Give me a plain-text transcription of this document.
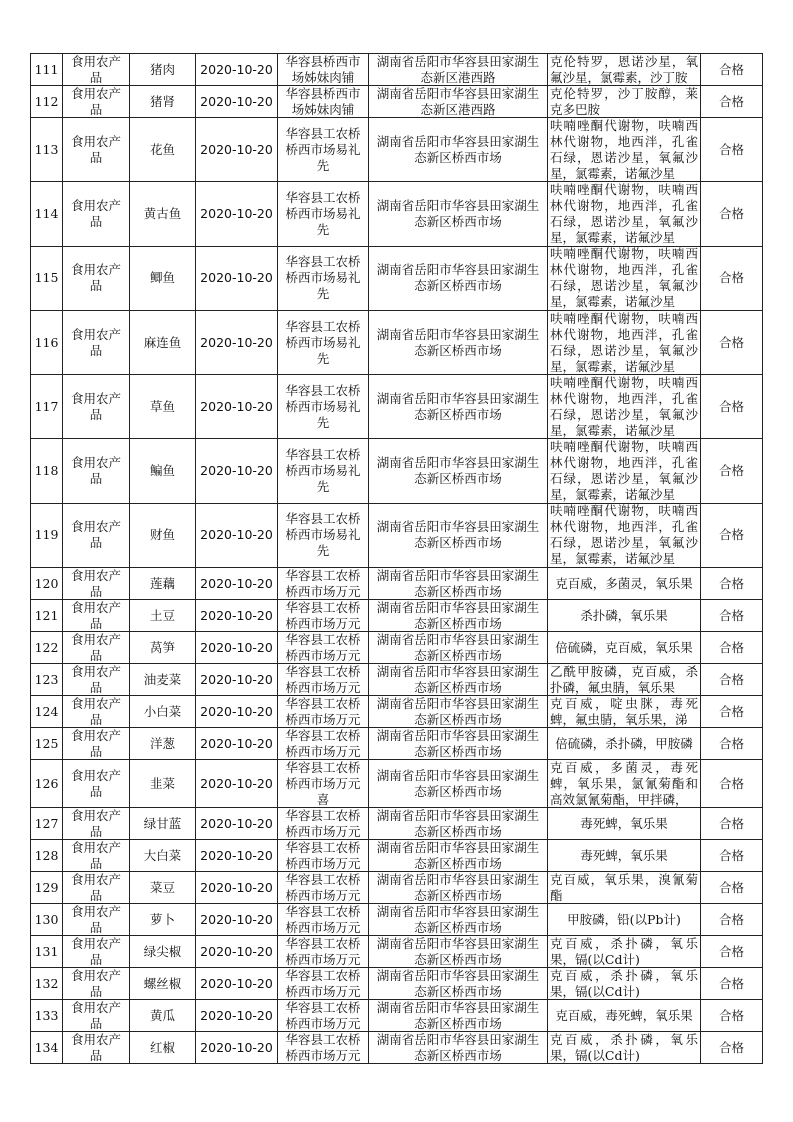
111	食用农产品	猪肉	2020-10-20	华容县桥西市场姊妹肉铺	湖南省岳阳市华容县田家湖生态新区港西路	克伦特罗，恩诺沙星，氧氟沙星，氯霉素，沙丁胺	合格

112	食用农产品	猪肾	2020-10-20	华容县桥西市场姊妹肉铺	湖南省岳阳市华容县田家湖生态新区港西路	克伦特罗，沙丁胺醇，莱克多巴胺	合格

113	食用农产品	花鱼	2020-10-20	华容县工农桥桥西市场易礼先	湖南省岳阳市华容县田家湖生态新区桥西市场	呋喃唑酮代谢物，呋喃西林代谢物，地西泮，孔雀石绿，恩诺沙星，氧氟沙星，氯霉素，诺氟沙星	合格

114	食用农产品	黄古鱼	2020-10-20	华容县工农桥桥西市场易礼先	湖南省岳阳市华容县田家湖生态新区桥西市场	呋喃唑酮代谢物，呋喃西林代谢物，地西泮，孔雀石绿，恩诺沙星，氧氟沙星，氯霉素，诺氟沙星	合格

115	食用农产品	鲫鱼	2020-10-20	华容县工农桥桥西市场易礼先	湖南省岳阳市华容县田家湖生态新区桥西市场	呋喃唑酮代谢物，呋喃西林代谢物，地西泮，孔雀石绿，恩诺沙星，氧氟沙星，氯霉素，诺氟沙星	合格

116	食用农产品	麻连鱼	2020-10-20	华容县工农桥桥西市场易礼先	湖南省岳阳市华容县田家湖生态新区桥西市场	呋喃唑酮代谢物，呋喃西林代谢物，地西泮，孔雀石绿，恩诺沙星，氧氟沙星，氯霉素，诺氟沙星	合格

117	食用农产品	草鱼	2020-10-20	华容县工农桥桥西市场易礼先	湖南省岳阳市华容县田家湖生态新区桥西市场	呋喃唑酮代谢物，呋喃西林代谢物，地西泮，孔雀石绿，恩诺沙星，氧氟沙星，氯霉素，诺氟沙星	合格

118	食用农产品	鳊鱼	2020-10-20	华容县工农桥桥西市场易礼先	湖南省岳阳市华容县田家湖生态新区桥西市场	呋喃唑酮代谢物，呋喃西林代谢物，地西泮，孔雀石绿，恩诺沙星，氧氟沙星，氯霉素，诺氟沙星	合格

119	食用农产品	财鱼	2020-10-20	华容县工农桥桥西市场易礼先	湖南省岳阳市华容县田家湖生态新区桥西市场	呋喃唑酮代谢物，呋喃西林代谢物，地西泮，孔雀石绿，恩诺沙星，氧氟沙星，氯霉素，诺氟沙星	合格

120	食用农产品	莲藕	2020-10-20	华容县工农桥桥西市场万元	湖南省岳阳市华容县田家湖生态新区桥西市场	克百威，多菌灵，氧乐果	合格

121	食用农产品	土豆	2020-10-20	华容县工农桥桥西市场万元	湖南省岳阳市华容县田家湖生态新区桥西市场	杀扑磷，氧乐果	合格

122	食用农产品	莴笋	2020-10-20	华容县工农桥桥西市场万元	湖南省岳阳市华容县田家湖生态新区桥西市场	倍硫磷，克百威，氧乐果	合格

123	食用农产品	油麦菜	2020-10-20	华容县工农桥桥西市场万元	湖南省岳阳市华容县田家湖生态新区桥西市场	乙酰甲胺磷，克百威，杀扑磷，氟虫腈，氧乐果	合格

124	食用农产品	小白菜	2020-10-20	华容县工农桥桥西市场万元	湖南省岳阳市华容县田家湖生态新区桥西市场	克百威，啶虫脒，毒死蜱，氟虫腈，氧乐果，涕	合格

125	食用农产品	洋葱	2020-10-20	华容县工农桥桥西市场万元	湖南省岳阳市华容县田家湖生态新区桥西市场	倍硫磷，杀扑磷，甲胺磷	合格

126	食用农产品	韭菜	2020-10-20	华容县工农桥桥西市场万元喜	湖南省岳阳市华容县田家湖生态新区桥西市场	克百威，多菌灵，毒死蜱，氧乐果，氯氰菊酯和高效氯氰菊酯，甲拌磷，	合格

127	食用农产品	绿甘蓝	2020-10-20	华容县工农桥桥西市场万元	湖南省岳阳市华容县田家湖生态新区桥西市场	毒死蜱，氧乐果	合格

128	食用农产品	大白菜	2020-10-20	华容县工农桥桥西市场万元	湖南省岳阳市华容县田家湖生态新区桥西市场	毒死蜱，氧乐果	合格

129	食用农产品	菜豆	2020-10-20	华容县工农桥桥西市场万元	湖南省岳阳市华容县田家湖生态新区桥西市场	克百威，氧乐果，溴氰菊酯	合格

130	食用农产品	萝卜	2020-10-20	华容县工农桥桥西市场万元	湖南省岳阳市华容县田家湖生态新区桥西市场	甲胺磷，铅(以Pb计)	合格

131	食用农产品	绿尖椒	2020-10-20	华容县工农桥桥西市场万元	湖南省岳阳市华容县田家湖生态新区桥西市场	克百威，杀扑磷，氧乐果，镉(以Cd计)	合格

132	食用农产品	螺丝椒	2020-10-20	华容县工农桥桥西市场万元	湖南省岳阳市华容县田家湖生态新区桥西市场	克百威，杀扑磷，氧乐果，镉(以Cd计)	合格

133	食用农产品	黄瓜	2020-10-20	华容县工农桥桥西市场万元	湖南省岳阳市华容县田家湖生态新区桥西市场	克百威，毒死蜱，氧乐果	合格

134	食用农产品	红椒	2020-10-20	华容县工农桥桥西市场万元	湖南省岳阳市华容县田家湖生态新区桥西市场	克百威，杀扑磷，氧乐果，镉(以Cd计)	合格
